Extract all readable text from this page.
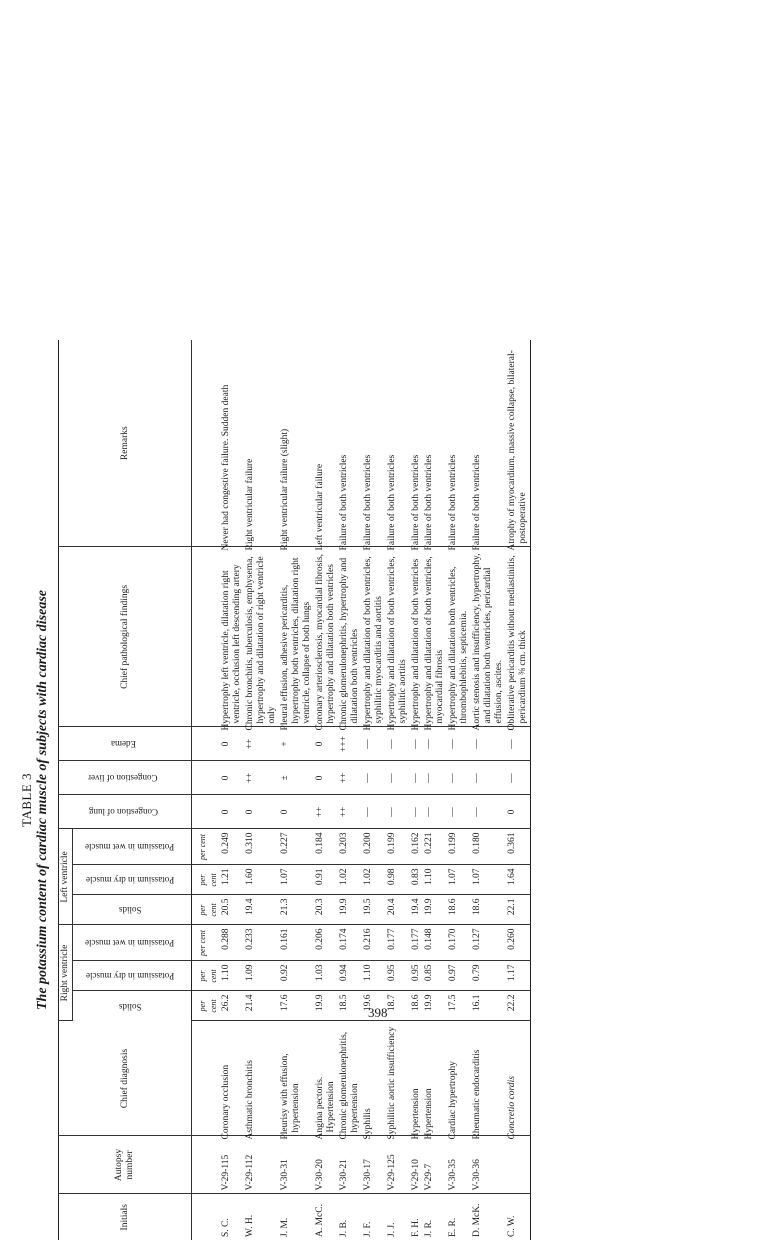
398
TABLE 3 The potassium content of cardiac muscle of subjects with cardiac disease
Initials	Autopsy number	Chief diagnosis	Right ventricle			Left ventricle			Congestion of lung	Congestion of liver	Edema	Chief pathological findings	Remarks
			Solids	Potassium in dry muscle	Potassium in wet muscle	Solids	Potassium in dry muscle	Potassium in wet muscle					
			per cent	per cent	per cent	per cent	per cent	per cent					
S. C.	V-29-115	Coronary occlusion	26.2	1.10	0.288	20.5	1.21	0.249	0	0	0	Hypertrophy left ventricle, dilatation right ventricle, occlusion left descending artery	Never had congestive failure. Sudden death
W. H.	V-29-112	Asthmatic bronchitis	21.4	1.09	0.233	19.4	1.60	0.310	0	++	++	Chronic bronchitis, tuberculosis, emphysema, hypertrophy and dilatation of right ventricle only	Right ventricular failure
J. M.	V-30-31	Pleurisy with effusion, hypertension	17.6	0.92	0.161	21.3	1.07	0.227	0	±	+	Pleural effusion, adhesive pericarditis, hypertrophy both ventricles, dilatation right ventricle, collapse of both lungs	Right ventricular failure (slight)
A. McC.	V-30-20	Angina pectoris. Hypertension	19.9	1.03	0.206	20.3	0.91	0.184	++	0	0	Coronary arteriosclerosis, myocardial fibrosis, hypertrophy and dilatation both ventricles	Left ventricular failure
J. B.	V-30-21	Chronic glomerulonephritis, hypertension	18.5	0.94	0.174	19.9	1.02	0.203	++	++	+++	Chronic glomerulonephritis, hypertrophy and dilatation both ventricles	Failure of both ventricles
J. F.	V-30-17	Syphilis	19.6	1.10	0.216	19.5	1.02	0.200	—	—	—	Hypertrophy and dilatation of both ventricles, syphilitic myocarditis and aortitis	Failure of both ventricles
J. J.	V-29-125	Syphilitic aortic insufficiency	18.7	0.95	0.177	20.4	0.98	0.199	—	—	—	Hypertrophy and dilatation of both ventricles, syphilitic aortitis	Failure of both ventricles
F. H.	V-29-10	Hypertension	18.6	0.95	0.177	19.4	0.83	0.162	—	—	—	Hypertrophy and dilatation of both ventricles	Failure of both ventricles
J. R.	V-29-7	Hypertension	19.9	0.85	0.148	19.9	1.10	0.221	—	—	—	Hypertrophy and dilatation of both ventricles, myocardial fibrosis	Failure of both ventricles
E. R.	V-30-35	Cardiac hypertrophy	17.5	0.97	0.170	18.6	1.07	0.199	—	—	—	Hypertrophy and dilatation both ventricles, thrombophlebitis, septicemia.	Failure of both ventricles
D. McK.	V-30-36	Rheumatic endocarditis	16.1	0.79	0.127	18.6	1.07	0.180	—	—	—	Aortic stenosis and insufficiency, hypertrophy, and dilatation both ventricles, pericardial effusion, ascites.	Failure of both ventricles
C. W.		Concretio cordis	22.2	1.17	0.260	22.1	1.64	0.361	0	—	—	Obliterative pericarditis without mediastinitis, pericardium ⅜ cm. thick	Atrophy of myocardium, massive collapse, bilateral-postoperative
